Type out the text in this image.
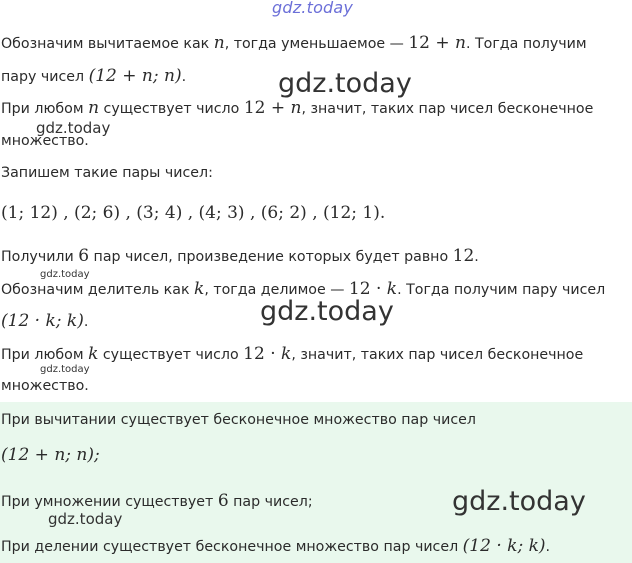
gdz.today
gdz.today
gdz.today
gdz.today
gdz.today
gdz.today
gdz.today
gdz.today
Обозначим вычитаемое как n, тогда уменьшаемое — 12 + n. Тогда получим
пару чисел (12 + n; n).
При любом n существует число 12 + n, значит, таких пар чисел бесконечное
множество.
Запишем такие пары чисел:
(1; 12) , (2; 6) , (3; 4) , (4; 3) , (6; 2) , (12; 1).
Получили 6 пар чисел, произведение которых будет равно 12.
Обозначим делитель как k, тогда делимое — 12 · k. Тогда получим пару чисел
(12 · k; k).
При любом k существует число 12 · k, значит, таких пар чисел бесконечное
множество.
При вычитании существует бесконечное множество пар чисел
(12 + n; n);
При умножении существует 6 пар чисел;
При делении существует бесконечное множество пар чисел (12 · k; k).
